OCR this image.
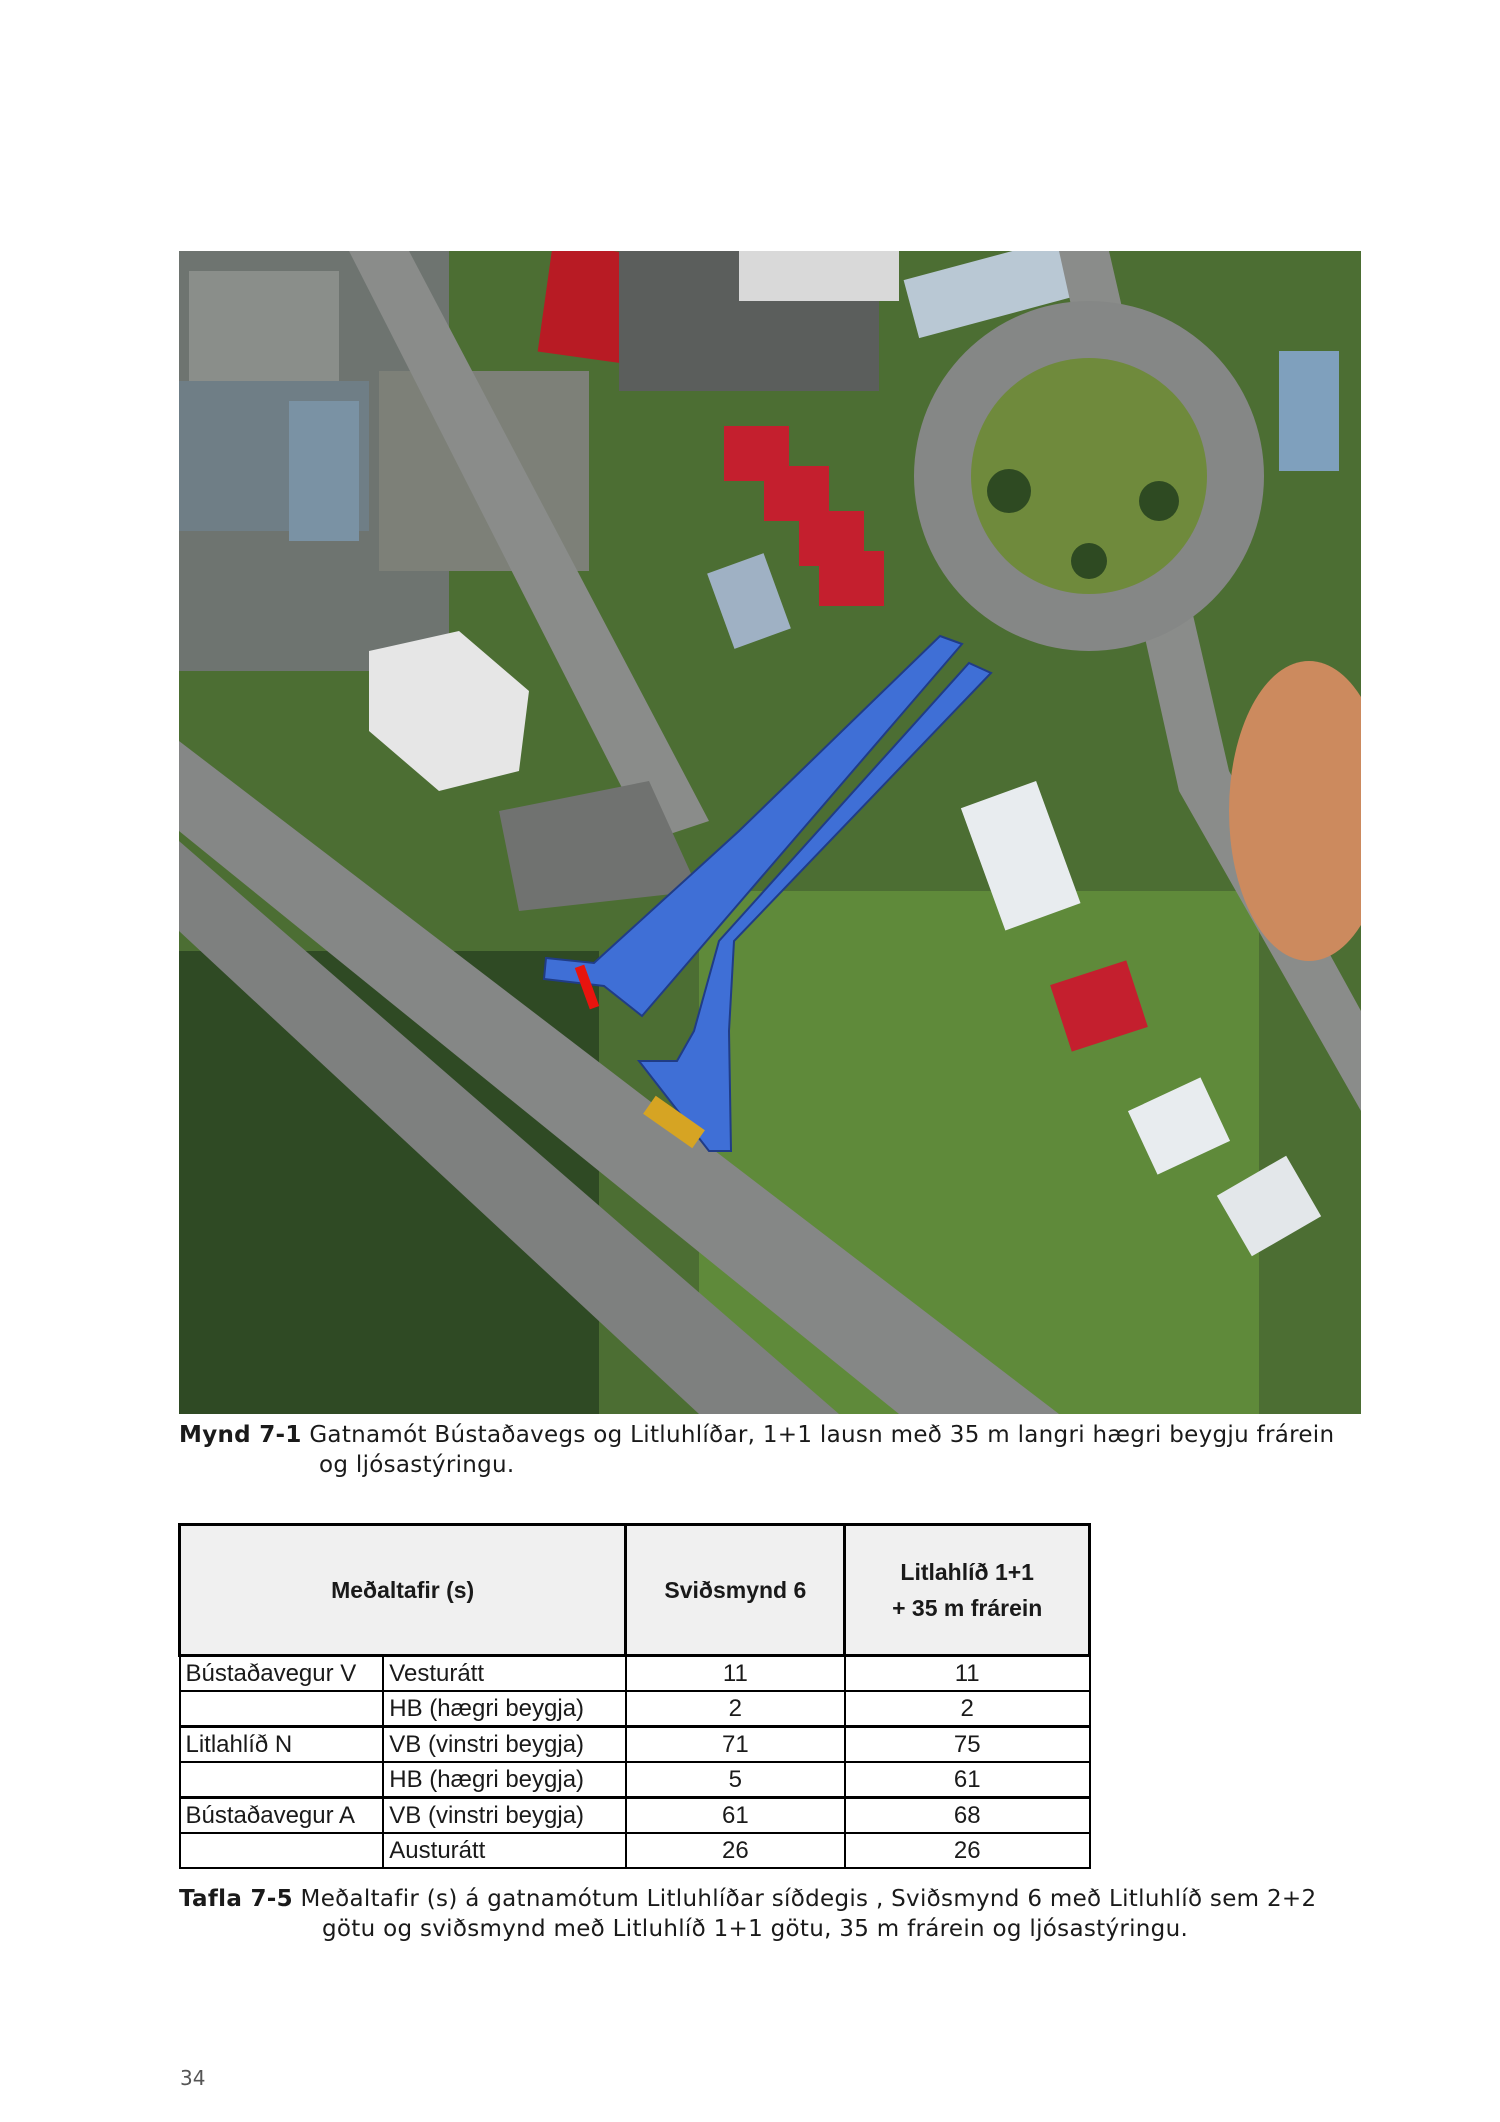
Mynd 7-1 Gatnamót Bústaðavegs og Litluhlíðar, 1+1 lausn með 35 m langri hægri beygju frárein
og ljósastýringu.
Meðaltafir (s)		Sviðsmynd 6	Litlahlíð 1+1
+ 35 m frárein
Bústaðavegur V	Vesturátt	11	11
	HB (hægri beygja)	2	2
Litlahlíð N	VB (vinstri beygja)	71	75
	HB (hægri beygja)	5	61
Bústaðavegur A	VB (vinstri beygja)	61	68
	Austurátt	26	26
Tafla 7-5 Meðaltafir (s) á gatnamótum Litluhlíðar síðdegis , Sviðsmynd 6 með Litluhlíð sem 2+2
götu og sviðsmynd með Litluhlíð 1+1 götu, 35 m frárein og ljósastýringu.
34
